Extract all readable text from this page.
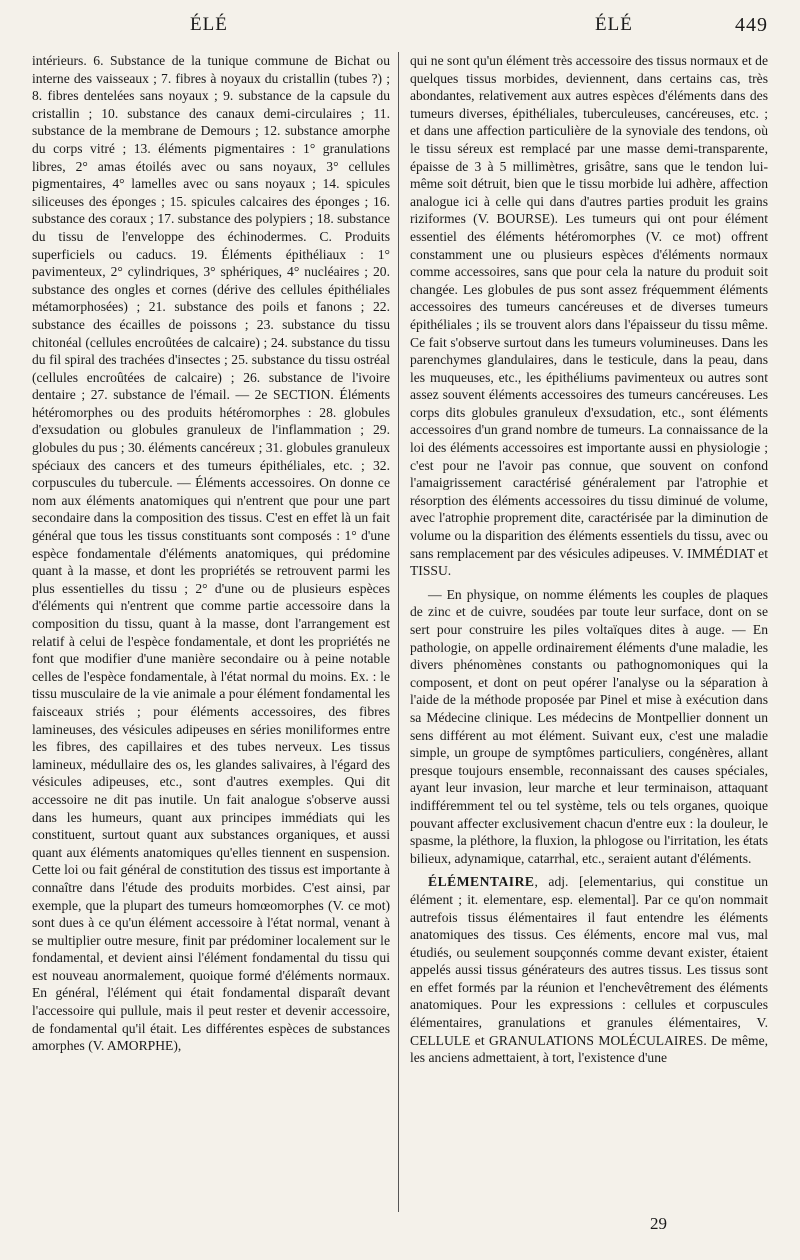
ÉLÉ	ÉLÉ	449

intérieurs. 6. Substance de la tunique commune de Bichat ou interne des vaisseaux ; 7. fibres à noyaux du cristallin (tubes ?) ; 8. fibres dentelées sans noyaux ; 9. substance de la capsule du cristallin ; 10. substance des canaux demi-circulaires ; 11. substance de la membrane de Demours ; 12. substance amorphe du corps vitré ; 13. éléments pigmentaires : 1° granulations libres, 2° amas étoilés avec ou sans noyaux, 3° cellules pigmentaires, 4° lamelles avec ou sans noyaux ; 14. spicules siliceuses des éponges ; 15. spicules calcaires des éponges ; 16. substance des coraux ; 17. substance des polypiers ; 18. substance du tissu de l'enveloppe des échinodermes. C. Produits superficiels ou caducs. 19. Éléments épithéliaux : 1° pavimenteux, 2° cylindriques, 3° sphériques, 4° nucléaires ; 20. substance des ongles et cornes (dérive des cellules épithéliales métamorphosées) ; 21. substance des poils et fanons ; 22. substance des écailles de poissons ; 23. substance du tissu chitonéal (cellules encroûtées de calcaire) ; 24. substance du tissu du fil spiral des trachées d'insectes ; 25. substance du tissu ostréal (cellules encroûtées de calcaire) ; 26. substance de l'ivoire dentaire ; 27. substance de l'émail. — 2e SECTION. Éléments hétéromorphes ou des produits hétéromorphes : 28. globules d'exsudation ou globules granuleux de l'inflammation ; 29. globules du pus ; 30. éléments cancéreux ; 31. globules granuleux spéciaux des cancers et des tumeurs épithéliales, etc. ; 32. corpuscules du tubercule. — Éléments accessoires. On donne ce nom aux éléments anatomiques qui n'entrent que pour une part secondaire dans la composition des tissus. C'est en effet là un fait général que tous les tissus constituants sont composés : 1° d'une espèce fondamentale d'éléments anatomiques, qui prédomine quant à la masse, et dont les propriétés se retrouvent parmi les plus essentielles du tissu ; 2° d'une ou de plusieurs espèces d'éléments qui n'entrent que comme partie accessoire dans la composition du tissu, quant à la masse, dont l'arrangement est relatif à celui de l'espèce fondamentale, et dont les propriétés ne font que modifier d'une manière secondaire ou à peine notable celles de l'espèce fondamentale, à l'état normal du moins. Ex. : le tissu musculaire de la vie animale a pour élément fondamental les faisceaux striés ; pour éléments accessoires, des fibres lamineuses, des vésicules adipeuses en séries moniliformes entre les fibres, des capillaires et des tubes nerveux. Les tissus lamineux, médullaire des os, les glandes salivaires, à l'égard des vésicules adipeuses, etc., sont d'autres exemples. Qui dit accessoire ne dit pas inutile. Un fait analogue s'observe aussi dans les humeurs, quant aux principes immédiats qui les constituent, surtout quant aux substances organiques, et aussi quant aux éléments anatomiques qu'elles tiennent en suspension. Cette loi ou fait général de constitution des tissus est importante à connaître dans l'étude des produits morbides. C'est ainsi, par exemple, que la plupart des tumeurs homœomorphes (V. ce mot) sont dues à ce qu'un élément accessoire à l'état normal, venant à se multiplier outre mesure, finit par prédominer localement sur le fondamental, et devient ainsi l'élément fondamental du tissu qui est nouveau anormalement, quoique formé d'éléments normaux. En général, l'élément qui était fondamental disparaît devant l'accessoire qui pullule, mais il peut rester et devenir accessoire, de fondamental qu'il était. Les différentes espèces de substances amorphes (V. AMORPHE),

qui ne sont qu'un élément très accessoire des tissus normaux et de quelques tissus morbides, deviennent, dans certains cas, très abondantes, relativement aux autres espèces d'éléments dans des tumeurs diverses, épithéliales, tuberculeuses, cancéreuses, etc. ; et dans une affection particulière de la synoviale des tendons, où le tissu séreux est remplacé par une masse demi-transparente, épaisse de 3 à 5 millimètres, grisâtre, sans que le tendon lui-même soit détruit, bien que le tissu morbide lui adhère, affection analogue ici à celle qui dans d'autres parties produit les grains riziformes (V. BOURSE). Les tumeurs qui ont pour élément essentiel des éléments hétéromorphes (V. ce mot) offrent constamment une ou plusieurs espèces d'éléments normaux comme accessoires, sans que pour cela la nature du produit soit changée. Les globules de pus sont assez fréquemment éléments accessoires des tumeurs cancéreuses et de diverses tumeurs épithéliales ; ils se trouvent alors dans l'épaisseur du tissu même. Ce fait s'observe surtout dans les tumeurs volumineuses. Dans les parenchymes glandulaires, dans le testicule, dans la peau, dans les muqueuses, etc., les épithéliums pavimenteux ou autres sont assez souvent éléments accessoires des tumeurs cancéreuses. Les corps dits globules granuleux d'exsudation, etc., sont éléments accessoires d'un grand nombre de tumeurs. La connaissance de la loi des éléments accessoires est importante aussi en physiologie ; c'est pour ne l'avoir pas connue, que souvent on confond l'amaigrissement caractérisé généralement par l'atrophie et résorption des éléments accessoires du tissu diminué de volume, avec l'atrophie proprement dite, caractérisée par la diminution de volume ou la disparition des éléments essentiels du tissu, avec ou sans remplacement par des vésicules adipeuses. V. IMMÉDIAT et TISSU.

— En physique, on nomme éléments les couples de plaques de zinc et de cuivre, soudées par toute leur surface, dont on se sert pour construire les piles voltaïques dites à auge. — En pathologie, on appelle ordinairement éléments d'une maladie, les divers phénomènes constants ou pathognomoniques qui la composent, et dont on peut opérer l'analyse ou la séparation à l'aide de la méthode proposée par Pinel et mise à exécution dans sa Médecine clinique. Les médecins de Montpellier donnent un sens différent au mot élément. Suivant eux, c'est une maladie simple, un groupe de symptômes particuliers, congénères, allant presque toujours ensemble, reconnaissant des causes spéciales, ayant leur invasion, leur marche et leur terminaison, attaquant indifféremment tel ou tel système, tels ou tels organes, quoique pouvant affecter exclusivement chacun d'entre eux : la douleur, le spasme, la pléthore, la fluxion, la phlogose ou l'irritation, les états bilieux, adynamique, catarrhal, etc., seraient autant d'éléments.

ÉLÉMENTAIRE, adj. [elementarius, qui constitue un élément ; it. elementare, esp. elemental]. Par ce qu'on nommait autrefois tissus élémentaires il faut entendre les éléments anatomiques des tissus. Ces éléments, encore mal vus, mal étudiés, ou seulement soupçonnés comme devant exister, étaient appelés aussi tissus générateurs des autres tissus. Les tissus sont en effet formés par la réunion et l'enchevêtrement des éléments anatomiques. Pour les expressions : cellules et corpuscules élémentaires, granulations et granules élémentaires, V. CELLULE et GRANULATIONS MOLÉCULAIRES. De même, les anciens admettaient, à tort, l'existence d'une

29
